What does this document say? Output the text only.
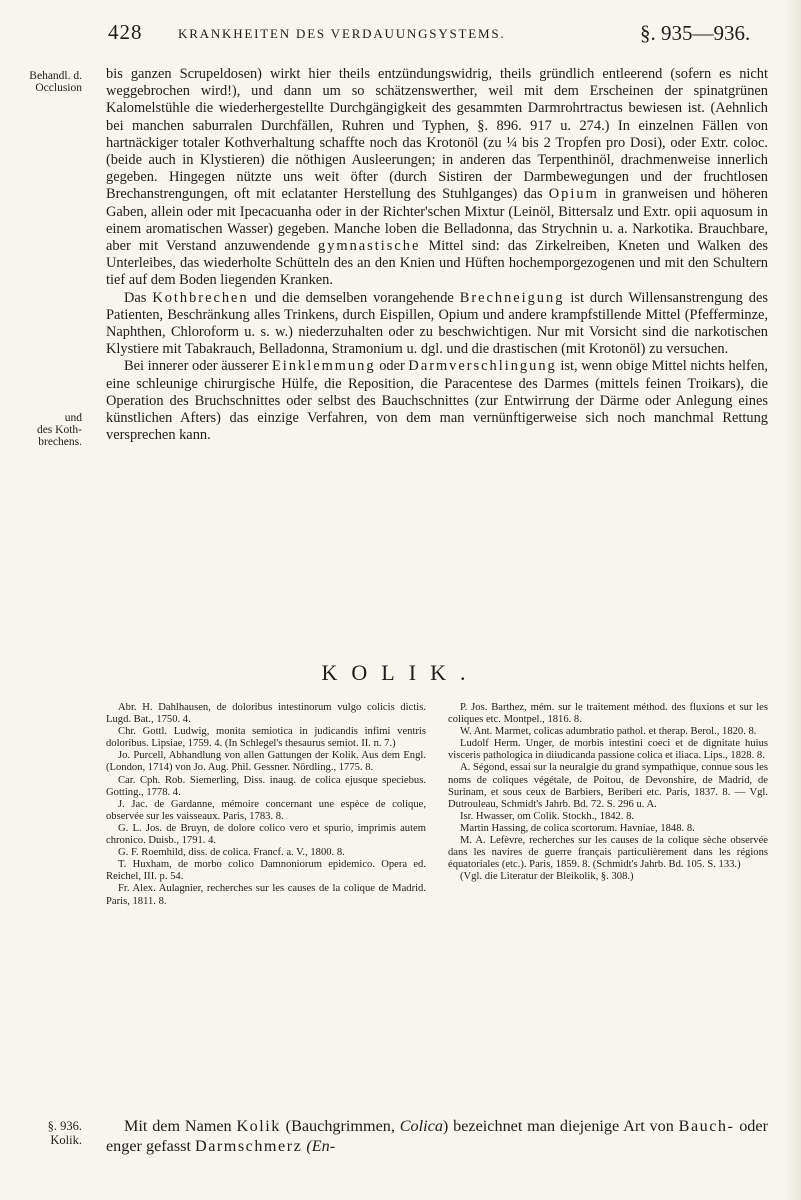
428	KRANKHEITEN DES VERDAUUNGSYSTEMS.	§. 935—936.
Behandl. d.
Occlusion
und
des Koth-
brechens.
§. 936.
Kolik.

bis ganzen Scrupeldosen) wirkt hier theils entzündungswidrig, theils gründlich entleerend (sofern es nicht weggebrochen wird!), und dann um so schätzenswerther, weil mit dem Erscheinen der spinatgrünen Kalomelstühle die wiederhergestellte Durchgängigkeit des gesammten Darmrohrtractus bewiesen ist. (Aehnlich bei manchen saburralen Durchfällen, Ruhren und Typhen, §. 896. 917 u. 274.) In einzelnen Fällen von hartnäckiger totaler Kothverhaltung schaffte noch das Krotonöl (zu ¼ bis 2 Tropfen pro Dosi), oder Extr. coloc. (beide auch in Klystieren) die nöthigen Ausleerungen; in anderen das Terpenthinöl, drachmenweise innerlich gegeben. Hingegen nützte uns weit öfter (durch Sistiren der Darmbewegungen und der fruchtlosen Brechanstrengungen, oft mit eclatanter Herstellung des Stuhlganges) das Opium in granweisen und höheren Gaben, allein oder mit Ipecacuanha oder in der Richter'schen Mixtur (Leinöl, Bittersalz und Extr. opii aquosum in einem aromatischen Wasser) gegeben. Manche loben die Belladonna, das Strychnin u. a. Narkotika. Brauchbare, aber mit Verstand anzuwendende gymnastische Mittel sind: das Zirkelreiben, Kneten und Walken des Unterleibes, das wiederholte Schütteln des an den Knien und Hüften hochemporgezogenen und mit den Schultern tief auf dem Boden liegenden Kranken.

Das Kothbrechen und die demselben vorangehende Brechneigung ist durch Willensanstrengung des Patienten, Beschränkung alles Trinkens, durch Eispillen, Opium und andere krampfstillende Mittel (Pfefferminze, Naphthen, Chloroform u. s. w.) niederzuhalten oder zu beschwichtigen. Nur mit Vorsicht sind die narkotischen Klystiere mit Tabakrauch, Belladonna, Stramonium u. dgl. und die drastischen (mit Krotonöl) zu versuchen.

Bei innerer oder äusserer Einklemmung oder Darmverschlingung ist, wenn obige Mittel nichts helfen, eine schleunige chirurgische Hülfe, die Reposition, die Paracentese des Darmes (mittels feinen Troikars), die Operation des Bruchschnittes oder selbst des Bauchschnittes (zur Entwirrung der Därme oder Anlegung eines künstlichen Afters) das einzige Verfahren, von dem man vernünftigerweise sich noch manchmal Rettung versprechen kann.

KOLIK.

Abr. H. Dahlhausen, de doloribus intestinorum vulgo colicis dictis. Lugd. Bat., 1750. 4.

Chr. Gottl. Ludwig, monita semiotica in judicandis infimi ventris doloribus. Lipsiae, 1759. 4. (In Schlegel's thesaurus semiot. II. n. 7.)

Jo. Purcell, Abhandlung von allen Gattungen der Kolik. Aus dem Engl. (London, 1714) von Jo. Aug. Phil. Gessner. Nördling., 1775. 8.

Car. Cph. Rob. Siemerling, Diss. inaug. de colica ejusque speciebus. Gotting., 1778. 4.

J. Jac. de Gardanne, mémoire concernant une espèce de colique, observée sur les vaisseaux. Paris, 1783. 8.

G. L. Jos. de Bruyn, de dolore colico vero et spurio, imprimis autem chronico. Duisb., 1791. 4.

G. F. Roemhild, diss. de colica. Francf. a. V., 1800. 8.

T. Huxham, de morbo colico Damnoniorum epidemico. Opera ed. Reichel, III. p. 54.

Fr. Alex. Aulagnier, recherches sur les causes de la colique de Madrid. Paris, 1811. 8.

P. Jos. Barthez, mém. sur le traitement méthod. des fluxions et sur les coliques etc. Montpel., 1816. 8.

W. Ant. Marmet, colicas adumbratio pathol. et therap. Berol., 1820. 8.

Ludolf Herm. Unger, de morbis intestini coeci et de dignitate huius visceris pathologica in diiudicanda passione colica et iliaca. Lips., 1828. 8.

A. Ségond, essai sur la neuralgie du grand sympathique, connue sous les noms de coliques végétale, de Poitou, de Devonshire, de Madrid, de Surinam, et sous ceux de Barbiers, Beriberi etc. Paris, 1837. 8. — Vgl. Dutrouleau, Schmidt's Jahrb. Bd. 72. S. 296 u. A.

Isr. Hwasser, om Colik. Stockh., 1842. 8.

Martin Hassing, de colica scortorum. Havniae, 1848. 8.

M. A. Lefèvre, recherches sur les causes de la colique sèche observée dans les navires de guerre français particulièrement dans les régions équatoriales (etc.). Paris, 1859. 8. (Schmidt's Jahrb. Bd. 105. S. 133.)

(Vgl. die Literatur der Bleikolik, §. 308.)

Mit dem Namen Kolik (Bauchgrimmen, Colica) bezeichnet man diejenige Art von Bauch- oder enger gefasst Darmschmerz (En-
